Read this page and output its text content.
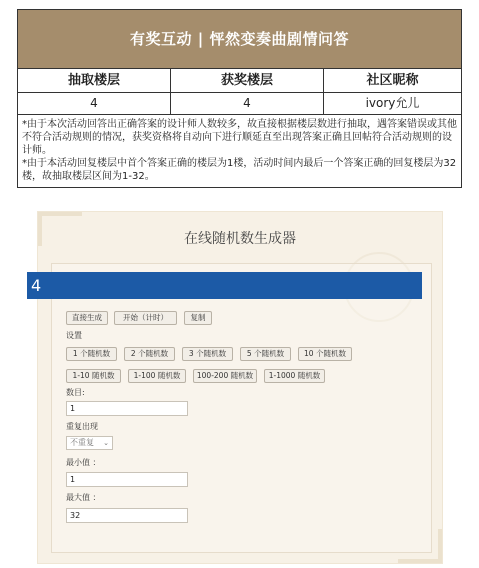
有奖互动 | 怦然变奏曲剧情问答
抽取楼层	获奖楼层	社区昵称
4	4	ivory允儿

*由于本次活动回答出正确答案的设计师人数较多，故直接根据楼层数进行抽取，遇答案错误或其他不符合活动规则的情况，获奖资格将自动向下进行顺延直至出现答案正确且回帖符合活动规则的设计师。

*由于本活动回复楼层中首个答案正确的楼层为1楼，活动时间内最后一个答案正确的回复楼层为32楼，故抽取楼层区间为1-32。

在线随机数生成器
4
直接生成	开始（计时）	复制
设置
1 个随机数	2 个随机数	3 个随机数	5 个随机数	10 个随机数
1-10 随机数	1-100 随机数	100-200 随机数	1-1000 随机数
数目:
1
重复出现
不重复 ⌄
最小值 ：
1
最大值 ：
32
